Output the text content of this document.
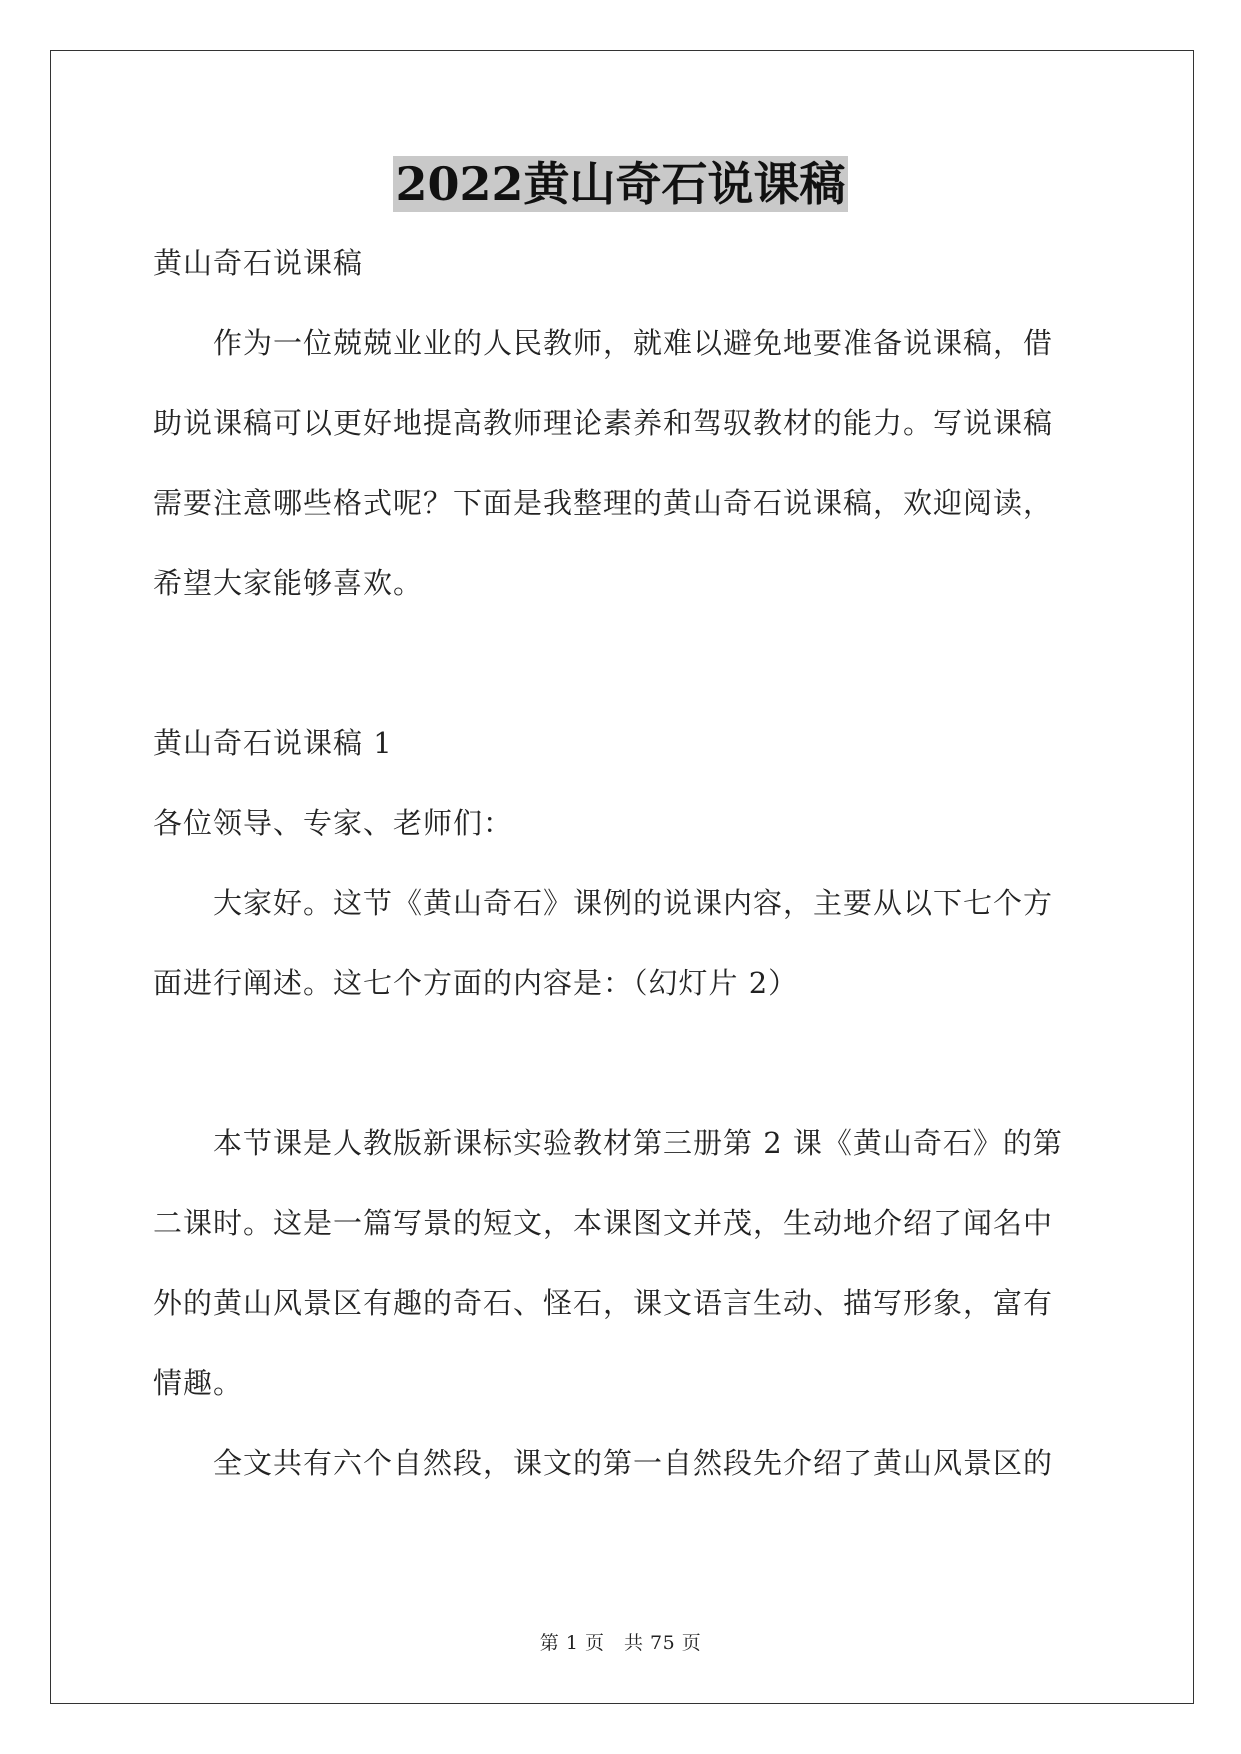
2022黄山奇石说课稿
黄山奇石说课稿
　　作为一位兢兢业业的人民教师，就难以避免地要准备说课稿，借
助说课稿可以更好地提高教师理论素养和驾驭教材的能力。写说课稿
需要注意哪些格式呢？下面是我整理的黄山奇石说课稿，欢迎阅读，
希望大家能够喜欢。
黄山奇石说课稿 1
各位领导、专家、老师们：
　　大家好。这节《黄山奇石》课例的说课内容，主要从以下七个方
面进行阐述。这七个方面的内容是：（幻灯片 2）
　　本节课是人教版新课标实验教材第三册第 2 课《黄山奇石》的第
二课时。这是一篇写景的短文，本课图文并茂，生动地介绍了闻名中
外的黄山风景区有趣的奇石、怪石，课文语言生动、描写形象，富有
情趣。
　　全文共有六个自然段，课文的第一自然段先介绍了黄山风景区的
第 1 页　共 75 页
